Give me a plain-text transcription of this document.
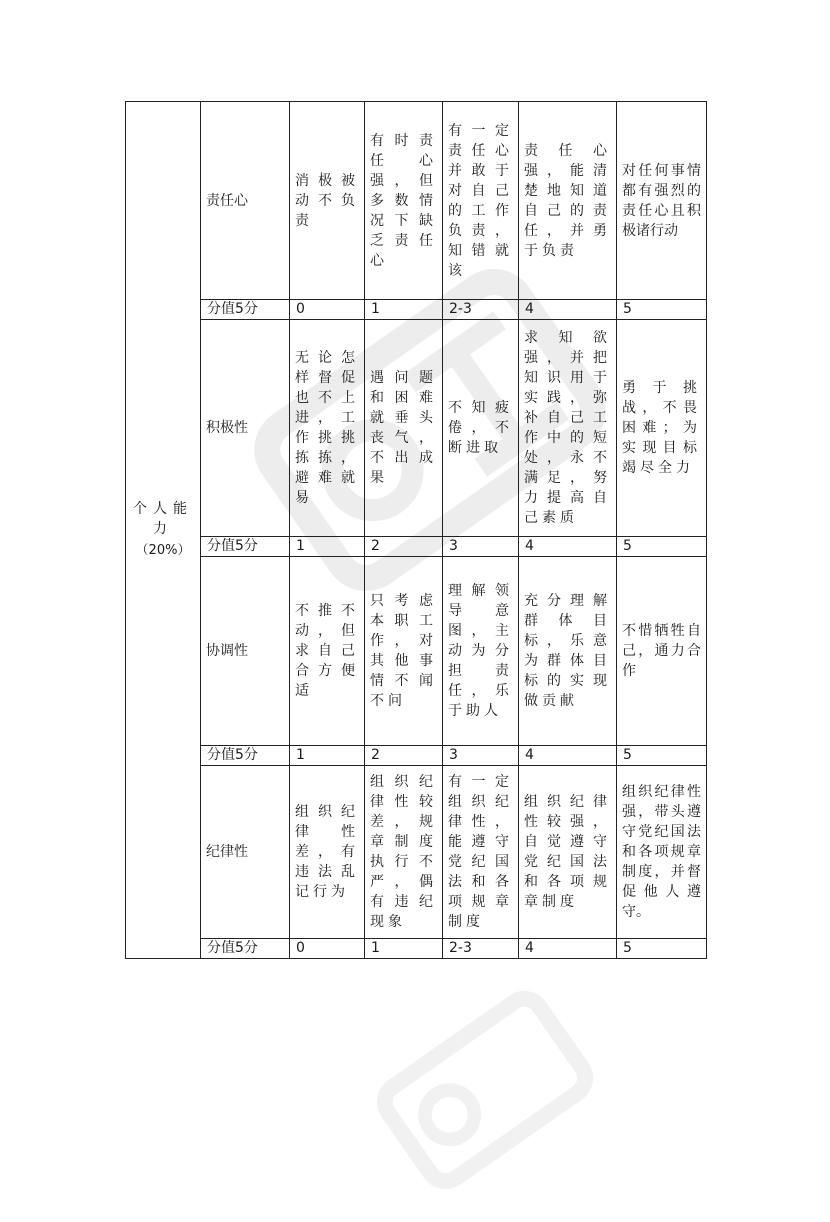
个人能力
（20%）	责任心	消极被动不负责	有时责任心强，但多数情况下缺乏责任心	有一定责任心并敢于对自己的工作负责，知错就该	责任心强，能清楚地知道自己的责任，并勇于负责	对任何事情都有强烈的责任心且积极诸行动
	分值5分	0	1	2-3	4	5
	积极性	无论怎样督促也不上进，工作挑挑拣拣，避难就易	遇问题和困难就垂头丧气，不出成果	不知疲倦，不断进取	求知欲强，并把知识用于实践，弥补自己工作中的短处，永不满足，努力提高自己素质	勇于挑战，不畏困难；为实现目标竭尽全力
	分值5分	1	2	3	4	5
	协调性	不推不动，但求自己合方便适	只考虑本职工作，对其他事情不闻不问	理解领导意图，主动为分担责任，乐于助人	充分理解群体目标，乐意为群体目标的实现做贡献	不惜牺牲自己，通力合作
	分值5分	1	2	3	4	5
	纪律性	组织纪律性差，有违法乱记行为	组织纪律性较差，规章制度执行不严，偶有违纪现象	有一定组织纪律性，能遵守党纪国法和各项规章制度	组织纪律性较强，自觉遵守党纪国法和各项规章制度	组织纪律性强，带头遵守党纪国法和各项规章制度，并督促他人遵守。
	分值5分	0	1	2-3	4	5
